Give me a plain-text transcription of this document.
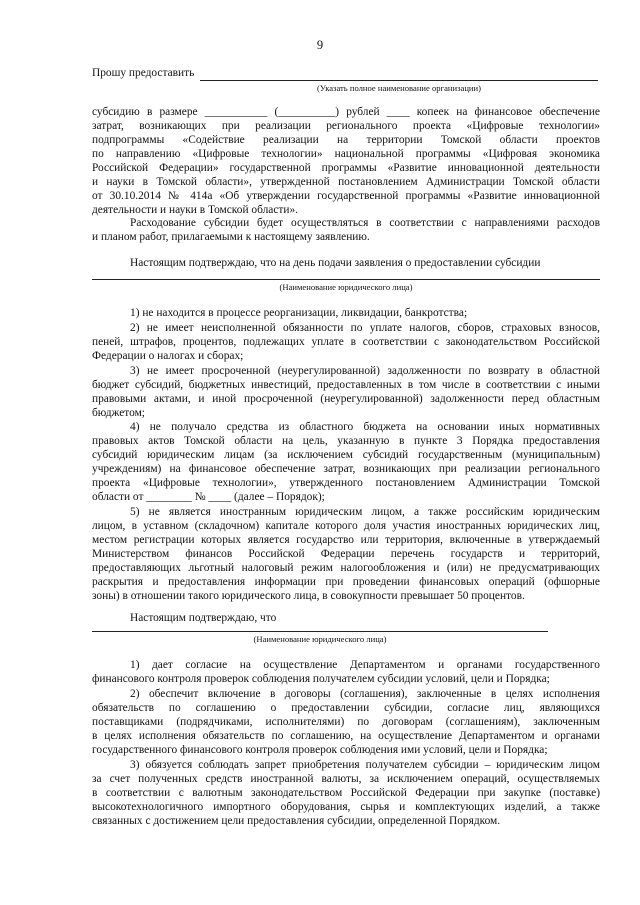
9
Прошу предоставить
(Указать полное наименование организации)
субсидию в размере ___________ (__________) рублей ____ копеек на финансовое обеспечение
затрат, возникающих при реализации регионального проекта «Цифровые технологии»
подпрограммы «Содействие реализации на территории Томской области проектов
по направлению «Цифровые технологии» национальной программы «Цифровая экономика
Российской Федерации» государственной программы «Развитие инновационной деятельности
и науки в Томской области», утвержденной постановлением Администрации Томской области
от 30.10.2014 № 414а «Об утверждении государственной программы «Развитие инновационной
деятельности и науки в Томской области».
Расходование субсидии будет осуществляться в соответствии с направлениями расходов
и планом работ, прилагаемыми к настоящему заявлению.
Настоящим подтверждаю, что на день подачи заявления о предоставлении субсидии
(Наименование юридического лица)
1) не находится в процессе реорганизации, ликвидации, банкротства;
2) не имеет неисполненной обязанности по уплате налогов, сборов, страховых взносов,
пеней, штрафов, процентов, подлежащих уплате в соответствии с законодательством Российской
Федерации о налогах и сборах;
3) не имеет просроченной (неурегулированной) задолженности по возврату в областной
бюджет субсидий, бюджетных инвестиций, предоставленных в том числе в соответствии с иными
правовыми актами, и иной просроченной (неурегулированной) задолженности перед областным
бюджетом;
4) не получало средства из областного бюджета на основании иных нормативных
правовых актов Томской области на цель, указанную в пункте 3 Порядка предоставления
субсидий юридическим лицам (за исключением субсидий государственным (муниципальным)
учреждениям) на финансовое обеспечение затрат, возникающих при реализации регионального
проекта «Цифровые технологии», утвержденного постановлением Администрации Томской
области от ________ № ____ (далее – Порядок);
5) не является иностранным юридическим лицом, а также российским юридическим
лицом, в уставном (складочном) капитале которого доля участия иностранных юридических лиц,
местом регистрации которых является государство или территория, включенные в утверждаемый
Министерством финансов Российской Федерации перечень государств и территорий,
предоставляющих льготный налоговый режим налогообложения и (или) не предусматривающих
раскрытия и предоставления информации при проведении финансовых операций (офшорные
зоны) в отношении такого юридического лица, в совокупности превышает 50 процентов.
Настоящим подтверждаю, что
(Наименование юридического лица)
1) дает согласие на осуществление Департаментом и органами государственного
финансового контроля проверок соблюдения получателем субсидии условий, цели и Порядка;
2) обеспечит включение в договоры (соглашения), заключенные в целях исполнения
обязательств по соглашению о предоставлении субсидии, согласие лиц, являющихся
поставщиками (подрядчиками, исполнителями) по договорам (соглашениям), заключенным
в целях исполнения обязательств по соглашению, на осуществление Департаментом и органами
государственного финансового контроля проверок соблюдения ими условий, цели и Порядка;
3) обязуется соблюдать запрет приобретения получателем субсидии – юридическим лицом
за счет полученных средств иностранной валюты, за исключением операций, осуществляемых
в соответствии с валютным законодательством Российской Федерации при закупке (поставке)
высокотехнологичного импортного оборудования, сырья и комплектующих изделий, а также
связанных с достижением цели предоставления субсидии, определенной Порядком.
